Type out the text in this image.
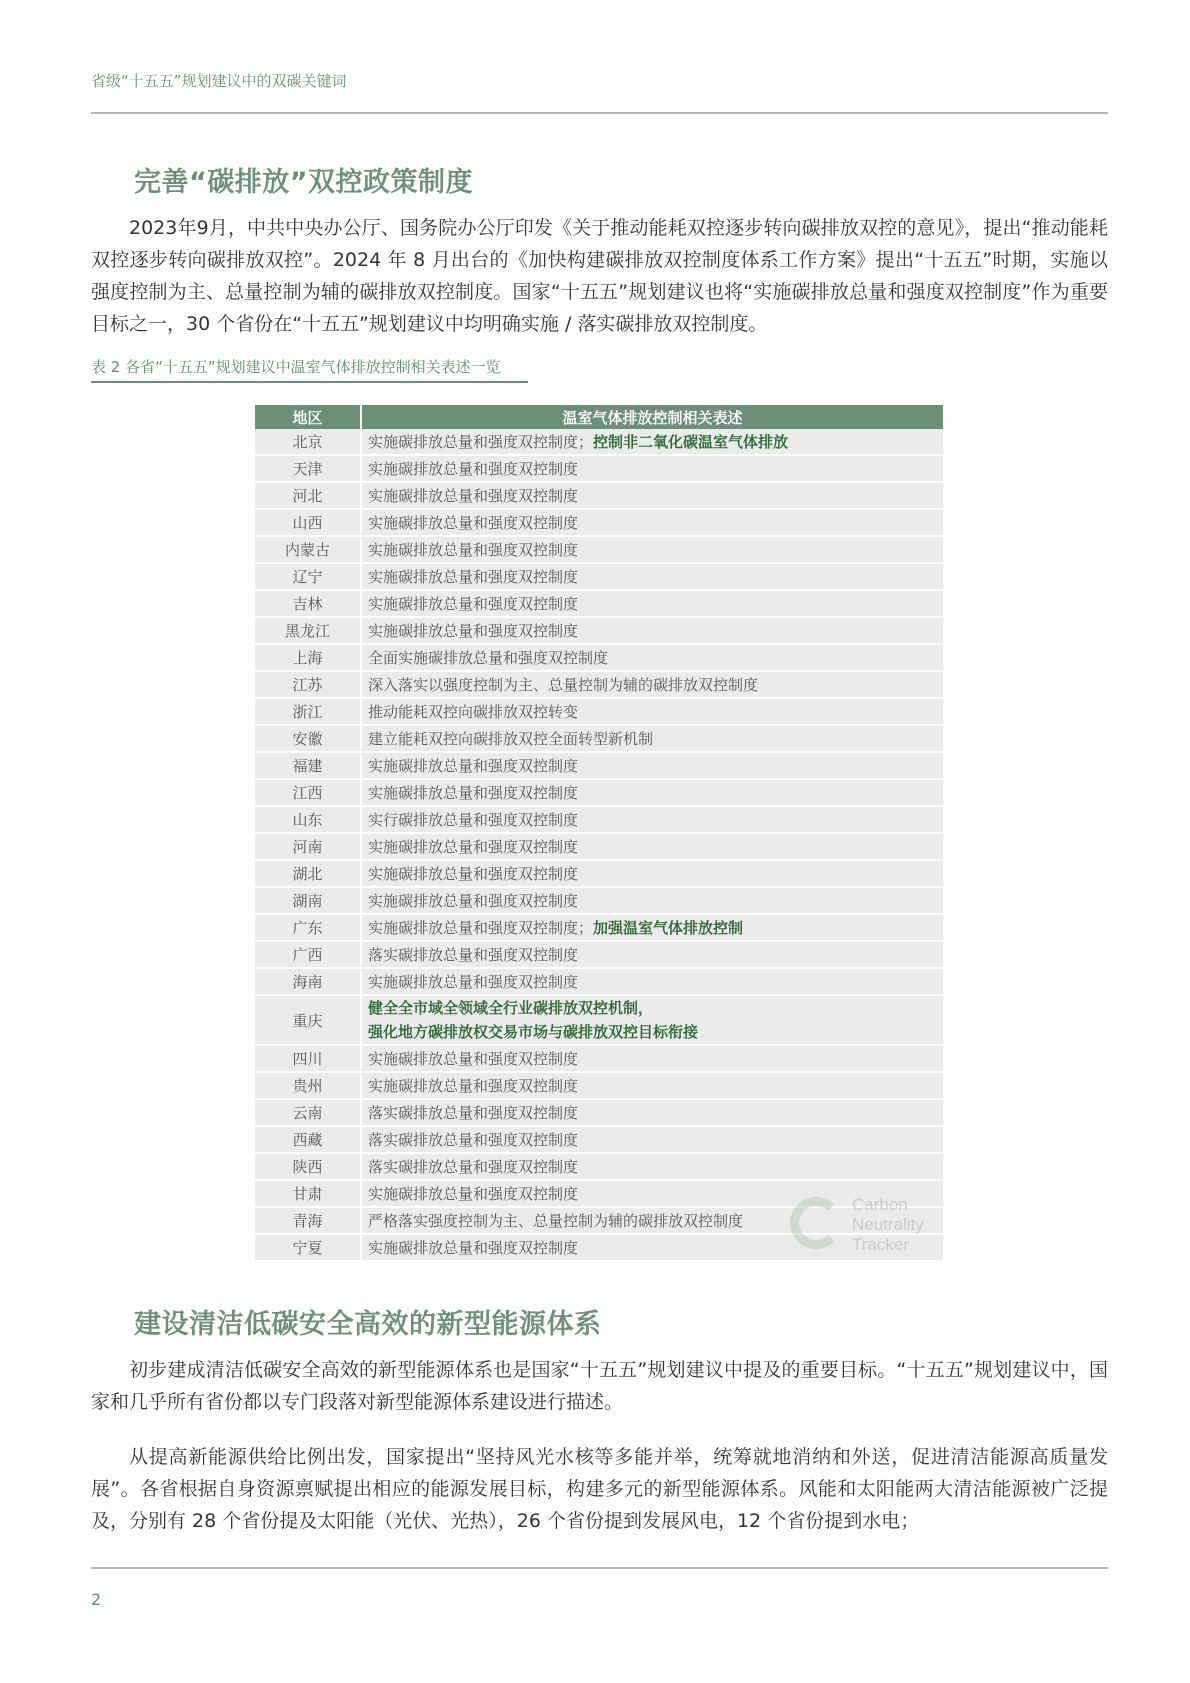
省级“十五五”规划建议中的双碳关键词
完善“碳排放”双控政策制度

2023年9月，中共中央办公厅、国务院办公厅印发《关于推动能耗双控逐步转向碳排放双控的意见》，提出“推动能耗双控逐步转向碳排放双控”。2024 年 8 月出台的《加快构建碳排放双控制度体系工作方案》提出“十五五”时期，实施以强度控制为主、总量控制为辅的碳排放双控制度。国家“十五五”规划建议也将“实施碳排放总量和强度双控制度”作为重要目标之一，30 个省份在“十五五”规划建议中均明确实施 / 落实碳排放双控制度。

表 2 各省“十五五”规划建议中温室气体排放控制相关表述一览
地区	温室气体排放控制相关表述
北京	实施碳排放总量和强度双控制度；控制非二氧化碳温室气体排放
天津	实施碳排放总量和强度双控制度
河北	实施碳排放总量和强度双控制度
山西	实施碳排放总量和强度双控制度
内蒙古	实施碳排放总量和强度双控制度
辽宁	实施碳排放总量和强度双控制度
吉林	实施碳排放总量和强度双控制度
黑龙江	实施碳排放总量和强度双控制度
上海	全面实施碳排放总量和强度双控制度
江苏	深入落实以强度控制为主、总量控制为辅的碳排放双控制度
浙江	推动能耗双控向碳排放双控转变
安徽	建立能耗双控向碳排放双控全面转型新机制
福建	实施碳排放总量和强度双控制度
江西	实施碳排放总量和强度双控制度
山东	实行碳排放总量和强度双控制度
河南	实施碳排放总量和强度双控制度
湖北	实施碳排放总量和强度双控制度
湖南	实施碳排放总量和强度双控制度
广东	实施碳排放总量和强度双控制度；加强温室气体排放控制
广西	落实碳排放总量和强度双控制度
海南	实施碳排放总量和强度双控制度
重庆	健全全市域全领域全行业碳排放双控机制，
强化地方碳排放权交易市场与碳排放双控目标衔接
四川	实施碳排放总量和强度双控制度
贵州	实施碳排放总量和强度双控制度
云南	落实碳排放总量和强度双控制度
西藏	落实碳排放总量和强度双控制度
陕西	落实碳排放总量和强度双控制度
甘肃	实施碳排放总量和强度双控制度
青海	严格落实强度控制为主、总量控制为辅的碳排放双控制度
宁夏	实施碳排放总量和强度双控制度
Carbon
Neutrality
Tracker
建设清洁低碳安全高效的新型能源体系

初步建成清洁低碳安全高效的新型能源体系也是国家“十五五”规划建议中提及的重要目标。“十五五”规划建议中，国家和几乎所有省份都以专门段落对新型能源体系建设进行描述。

从提高新能源供给比例出发，国家提出“坚持风光水核等多能并举，统筹就地消纳和外送，促进清洁能源高质量发展”。各省根据自身资源禀赋提出相应的能源发展目标，构建多元的新型能源体系。风能和太阳能两大清洁能源被广泛提及，分别有 28 个省份提及太阳能（光伏、光热），26 个省份提到发展风电，12 个省份提到水电；

2
